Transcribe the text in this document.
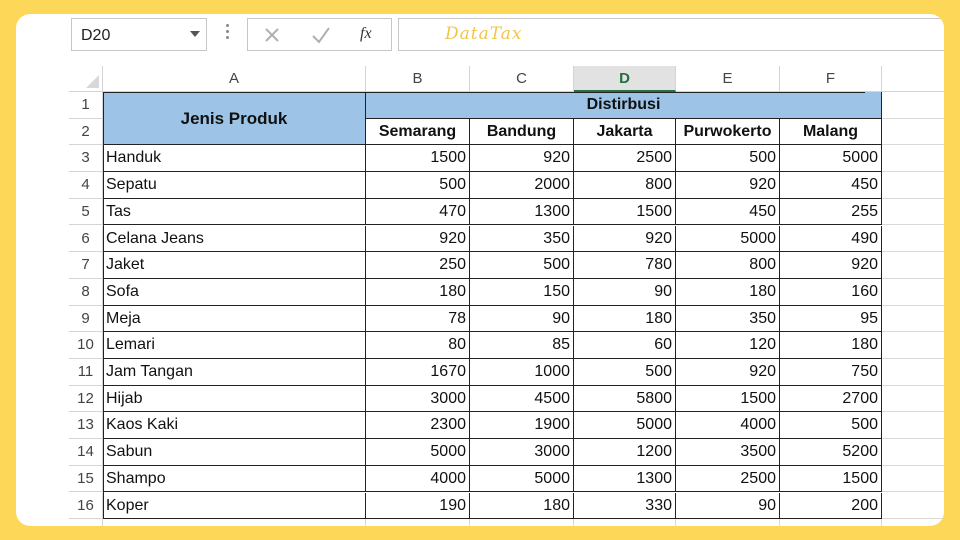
D20	fx	DataTax
A	B	C	D	E	F
1
2
3
4
5
6
7
8
9
10
11
12
13
14
15
16
Jenis Produk
Distirbusi
Semarang	Bandung	Jakarta	Purwokerto	Malang
Handuk	1500	920	2500	500	5000
Sepatu	500	2000	800	920	450
Tas	470	1300	1500	450	255
Celana Jeans	920	350	920	5000	490
Jaket	250	500	780	800	920
Sofa	180	150	90	180	160
Meja	78	90	180	350	95
Lemari	80	85	60	120	180
Jam Tangan	1670	1000	500	920	750
Hijab	3000	4500	5800	1500	2700
Kaos Kaki	2300	1900	5000	4000	500
Sabun	5000	3000	1200	3500	5200
Shampo	4000	5000	1300	2500	1500
Koper	190	180	330	90	200
